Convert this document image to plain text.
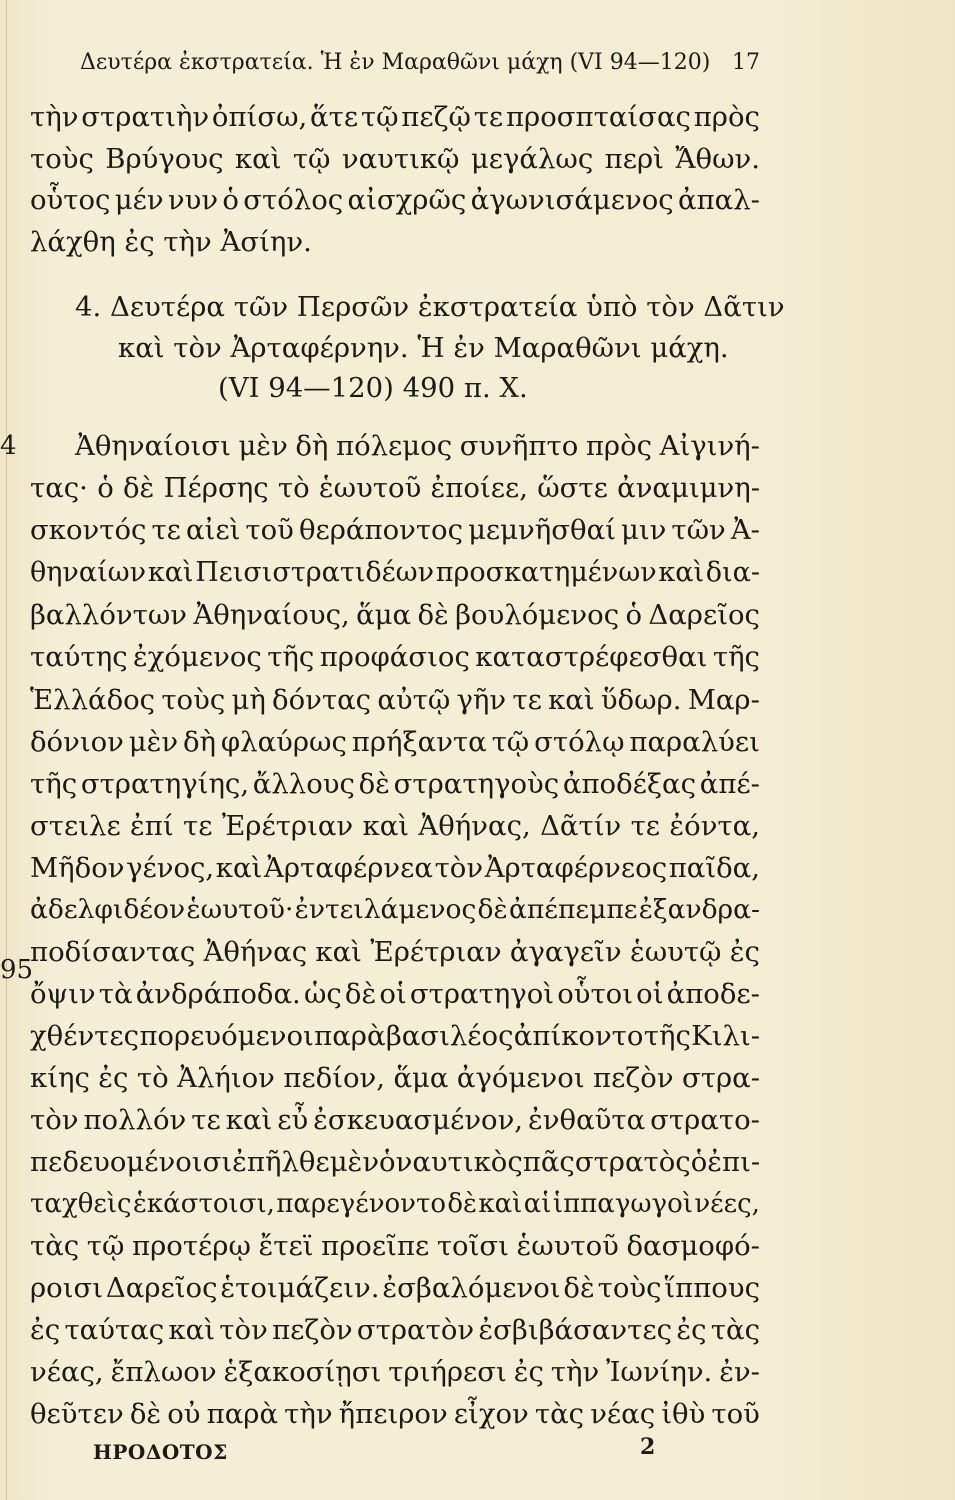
Δευτέρα ἐκστρατεία. Ἡ ἐν Μαραθῶνι μάχη (VI 94—120) 17
τὴν στρατιὴν ὀπίσω, ἅτε τῷ πεζῷ τε προσπταίσας πρὸς
τοὺς Βρύγους καὶ τῷ ναυτικῷ μεγάλως περὶ Ἄθων.
οὗτος μέν νυν ὁ στόλος αἰσχρῶς ἀγωνισάμενος ἀπαλ-
λάχθη ἐς τὴν Ἀσίην.
4. Δευτέρα τῶν Περσῶν ἐκστρατεία ὑπὸ τὸν Δᾶτιν
καὶ τὸν Ἀρταφέρνην. Ἡ ἐν Μαραθῶνι μάχη.
(VI 94—120) 490 π. Χ.
4
95
Ἀθηναίοισι μὲν δὴ πόλεμος συνῆπτο πρὸς Αἰγινή-
τας· ὁ δὲ Πέρσης τὸ ἑωυτοῦ ἐποίεε, ὥστε ἀναμιμνη-
σκοντός τε αἰεὶ τοῦ θεράποντος μεμνῆσθαί μιν τῶν Ἀ-
θηναίων καὶ Πεισιστρατιδέων προσκατημένων καὶ δια-
βαλλόντων Ἀθηναίους, ἅμα δὲ βουλόμενος ὁ Δαρεῖος
ταύτης ἐχόμενος τῆς προφάσιος καταστρέφεσθαι τῆς
Ἑλλάδος τοὺς μὴ δόντας αὐτῷ γῆν τε καὶ ὕδωρ. Μαρ-
δόνιον μὲν δὴ φλαύρως πρήξαντα τῷ στόλῳ παραλύει
τῆς στρατηγίης, ἄλλους δὲ στρατηγοὺς ἀποδέξας ἀπέ-
στειλε ἐπί τε Ἐρέτριαν καὶ Ἀθήνας, Δᾶτίν τε ἐόντα,
Μῆδον γένος, καὶ Ἀρταφέρνεα τὸν Ἀρταφέρνεος παῖδα,
ἀδελφιδέον ἑωυτοῦ· ἐντειλάμενος δὲ ἀπέπεμπε ἐξανδρα-
ποδίσαντας Ἀθήνας καὶ Ἐρέτριαν ἀγαγεῖν ἑωυτῷ ἐς
ὄψιν τὰ ἀνδράποδα. ὡς δὲ οἱ στρατηγοὶ οὗτοι οἱ ἀποδε-
χθέντες πορευόμενοι παρὰ βασιλέος ἀπίκοντο τῆς Κιλι-
κίης ἐς τὸ Ἀλήιον πεδίον, ἅμα ἀγόμενοι πεζὸν στρα-
τὸν πολλόν τε καὶ εὖ ἐσκευασμένον, ἐνθαῦτα στρατο-
πεδευομένοισι ἐπῆλθε μὲν ὁ ναυτικὸς πᾶς στρατὸς ὁ ἐπι-
ταχθεὶς ἑκάστοισι, παρεγένοντο δὲ καὶ αἱ ἱππαγωγοὶ νέες,
τὰς τῷ προτέρῳ ἔτεϊ προεῖπε τοῖσι ἑωυτοῦ δασμοφό-
ροισι Δαρεῖος ἑτοιμάζειν. ἐσβαλόμενοι δὲ τοὺς ἵππους
ἐς ταύτας καὶ τὸν πεζὸν στρατὸν ἐσβιβάσαντες ἐς τὰς
νέας, ἔπλωον ἑξακοσίῃσι τριήρεσι ἐς τὴν Ἰωνίην. ἐν-
θεῦτεν δὲ οὐ παρὰ τὴν ἤπειρον εἶχον τὰς νέας ἰθὺ τοῦ
ΗΡΟΔΟΤΟΣ	2
